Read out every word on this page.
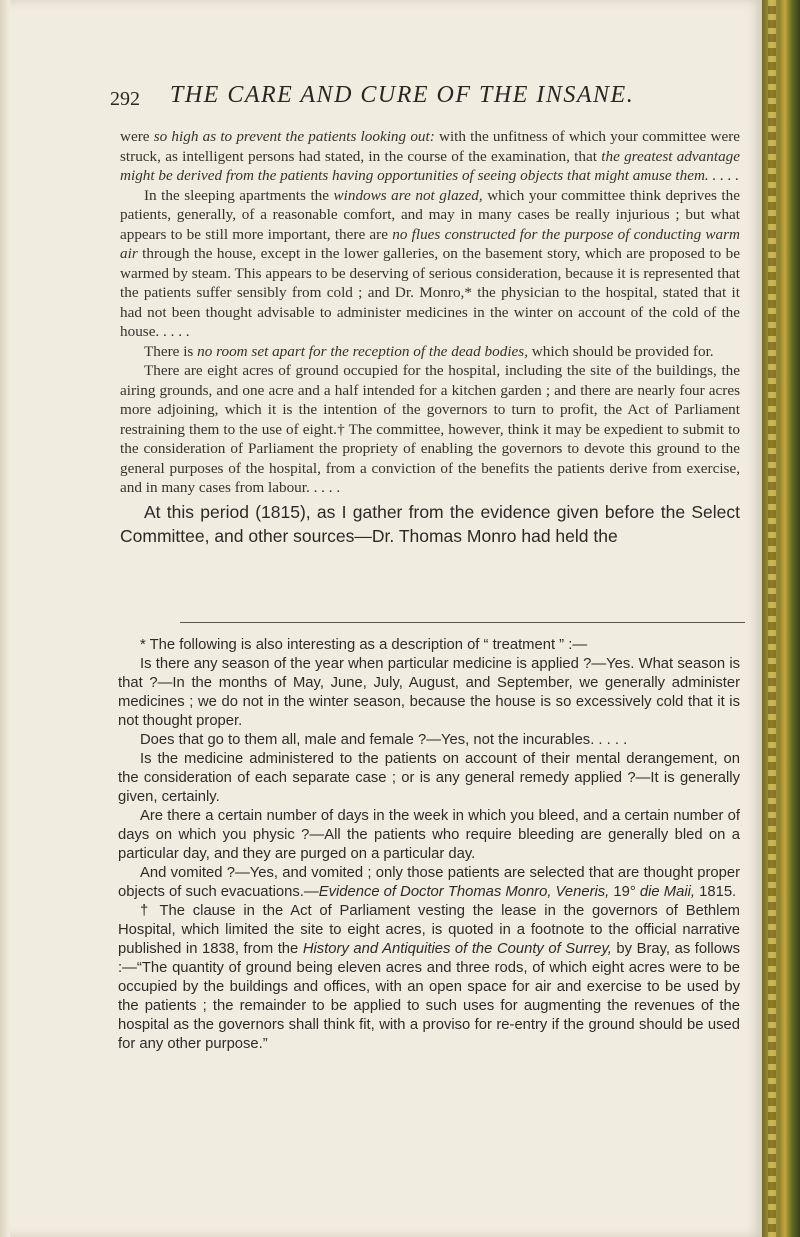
292 THE CARE AND CURE OF THE INSANE.

were so high as to prevent the patients looking out: with the unfitness of which your committee were struck, as intelligent persons had stated, in the course of the examination, that the greatest advantage might be derived from the patients having opportunities of seeing objects that might amuse them. . . . .

In the sleeping apartments the windows are not glazed, which your committee think deprives the patients, generally, of a reasonable comfort, and may in many cases be really injurious ; but what appears to be still more important, there are no flues constructed for the purpose of conducting warm air through the house, except in the lower galleries, on the basement story, which are proposed to be warmed by steam. This appears to be deserving of serious consideration, because it is represented that the patients suffer sensibly from cold ; and Dr. Monro,* the physician to the hospital, stated that it had not been thought advisable to administer medicines in the winter on account of the cold of the house. . . . .

There is no room set apart for the reception of the dead bodies, which should be provided for.

There are eight acres of ground occupied for the hospital, including the site of the buildings, the airing grounds, and one acre and a half intended for a kitchen garden ; and there are nearly four acres more adjoining, which it is the intention of the governors to turn to profit, the Act of Parliament restraining them to the use of eight.† The committee, however, think it may be expedient to submit to the consideration of Parliament the propriety of enabling the governors to devote this ground to the general purposes of the hospital, from a conviction of the benefits the patients derive from exercise, and in many cases from labour. . . . .

At this period (1815), as I gather from the evidence given before the Select Committee, and other sources—Dr. Thomas Monro had held the

* The following is also interesting as a description of “ treatment ” :—

Is there any season of the year when particular medicine is applied ?—Yes. What season is that ?—In the months of May, June, July, August, and September, we generally administer medicines ; we do not in the winter season, because the house is so excessively cold that it is not thought proper.

Does that go to them all, male and female ?—Yes, not the incurables. . . . .

Is the medicine administered to the patients on account of their mental derangement, on the consideration of each separate case ; or is any general remedy applied ?—It is generally given, certainly.

Are there a certain number of days in the week in which you bleed, and a certain number of days on which you physic ?—All the patients who require bleeding are generally bled on a particular day, and they are purged on a particular day.

And vomited ?—Yes, and vomited ; only those patients are selected that are thought proper objects of such evacuations.—Evidence of Doctor Thomas Monro, Veneris, 19° die Maii, 1815.

† The clause in the Act of Parliament vesting the lease in the governors of Bethlem Hospital, which limited the site to eight acres, is quoted in a footnote to the official narrative published in 1838, from the History and Antiquities of the County of Surrey, by Bray, as follows :—“The quantity of ground being eleven acres and three rods, of which eight acres were to be occupied by the buildings and offices, with an open space for air and exercise to be used by the patients ; the remainder to be applied to such uses for augmenting the revenues of the hospital as the governors shall think fit, with a proviso for re-entry if the ground should be used for any other purpose.”
